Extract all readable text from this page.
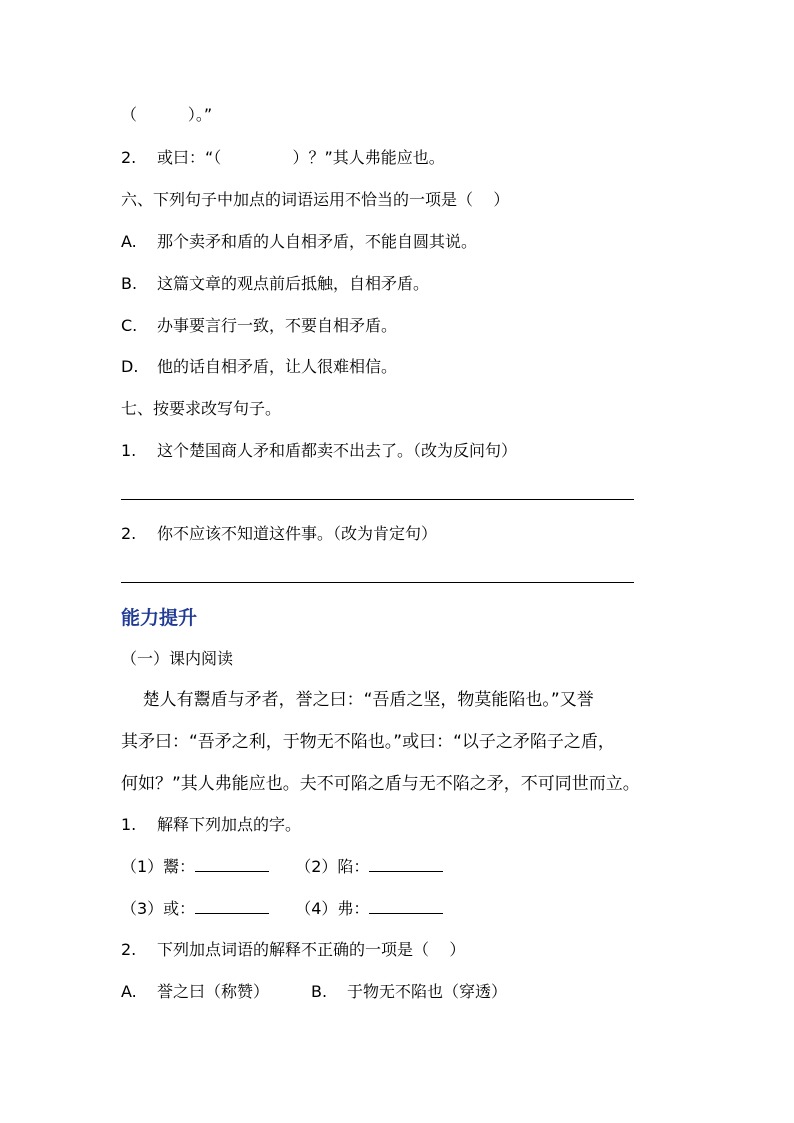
（          ）。”
2. 或曰：“（              ）？”其人弗能应也。
六、下列句子中加点的词语运用不恰当的一项是（    ）
A. 那个卖矛和盾的人自相矛盾，不能自圆其说。
B. 这篇文章的观点前后抵触，自相矛盾。
C. 办事要言行一致，不要自相矛盾。
D. 他的话自相矛盾，让人很难相信。
七、按要求改写句子。
1. 这个楚国商人矛和盾都卖不出去了。（改为反问句）
2. 你不应该不知道这件事。（改为肯定句）
能力提升
（一）课内阅读
楚人有鬻盾与矛者，誉之曰：“吾盾之坚，物莫能陷也。”又誉
其矛曰：“吾矛之利，于物无不陷也。”或曰：“以子之矛陷子之盾，
何如？”其人弗能应也。夫不可陷之盾与无不陷之矛，不可同世而立。
1. 解释下列加点的字。
（1）鬻：	（2）陷：
（3）或：	（4）弗：
2. 下列加点词语的解释不正确的一项是（    ）
A. 誉之曰（称赞）	B. 于物无不陷也（穿透）
